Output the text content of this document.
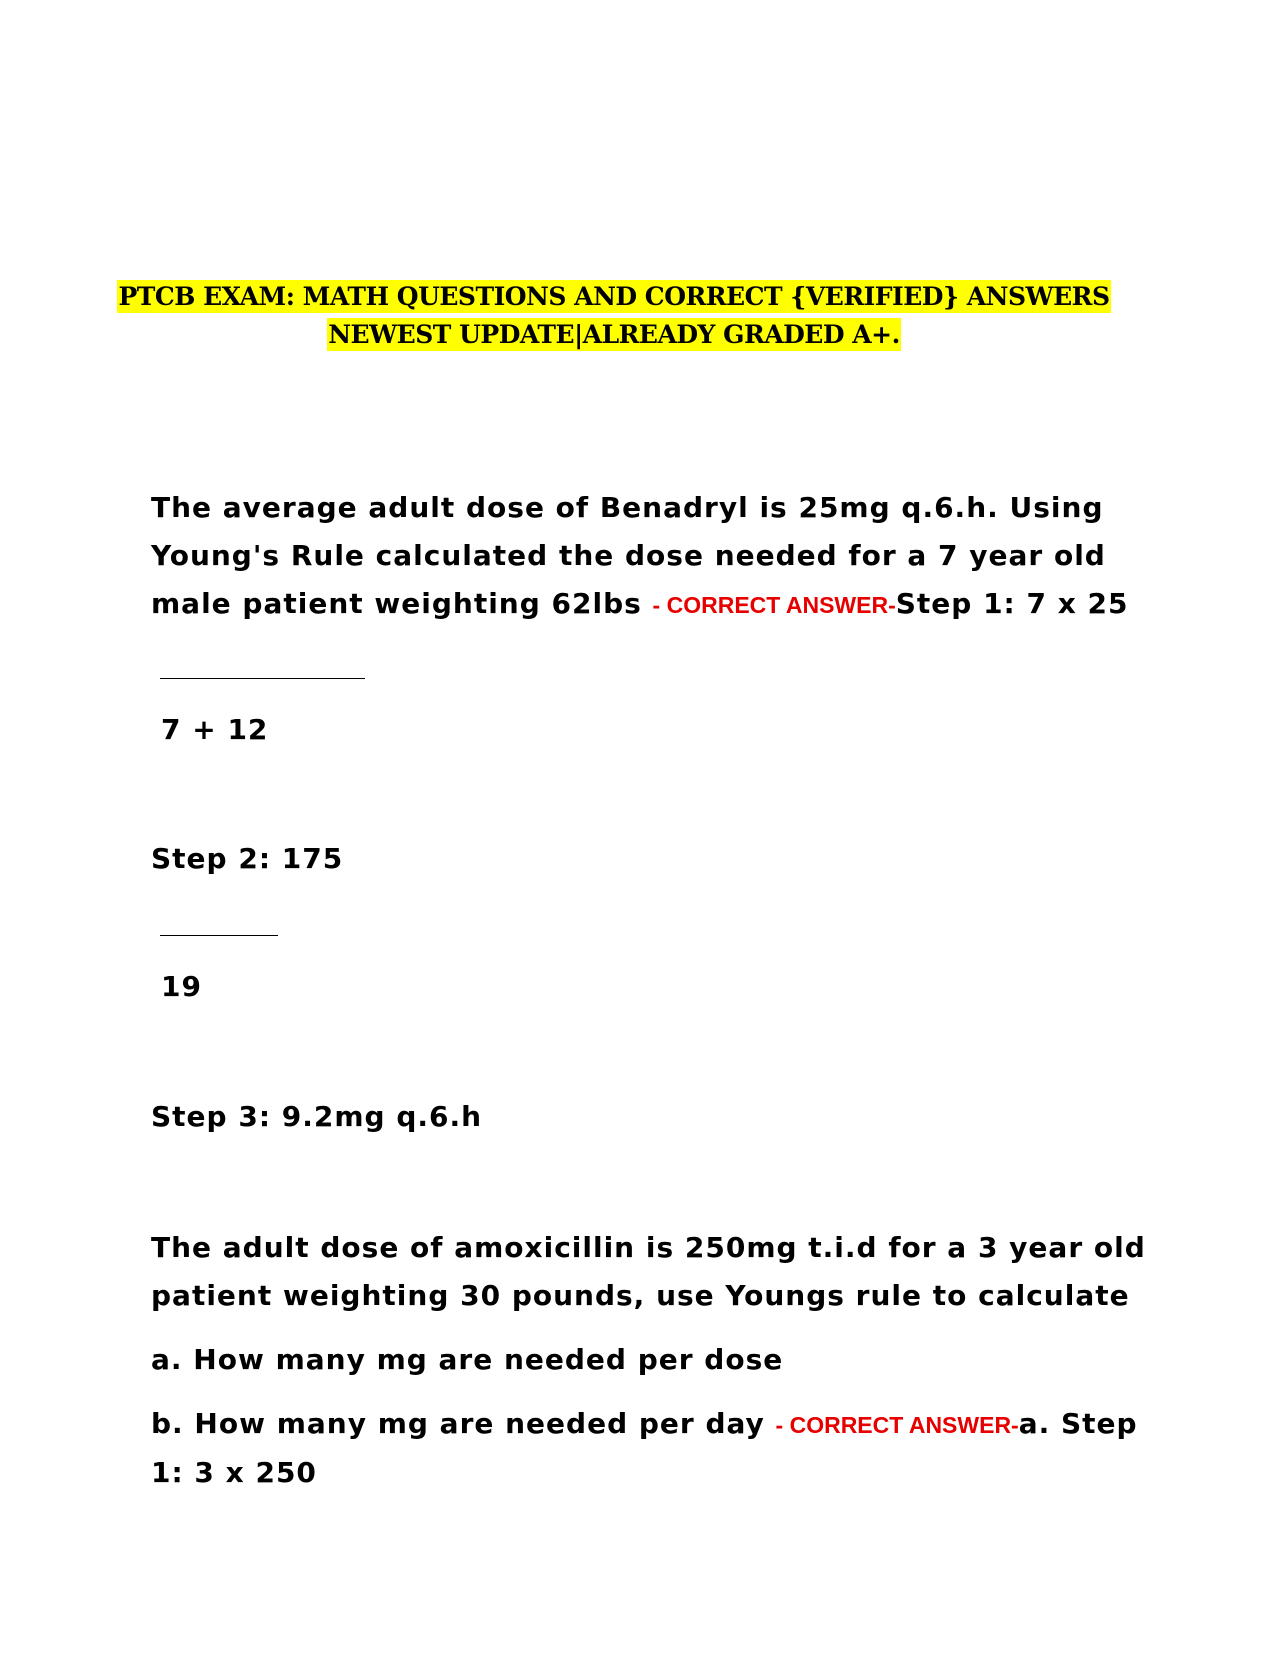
PTCB EXAM: MATH QUESTIONS AND CORRECT {VERIFIED} ANSWERS
NEWEST UPDATE|ALREADY GRADED A+.
The average adult dose of Benadryl is 25mg q.6.h. Using
Young's Rule calculated the dose needed for a 7 year old
male patient weighting 62lbs - CORRECT ANSWER-Step 1: 7 x 25
7 + 12
Step 2: 175
19
Step 3: 9.2mg q.6.h
The adult dose of amoxicillin is 250mg t.i.d for a 3 year old
patient weighting 30 pounds, use Youngs rule to calculate
a. How many mg are needed per dose
b. How many mg are needed per day - CORRECT ANSWER-a. Step
1: 3 x 250
